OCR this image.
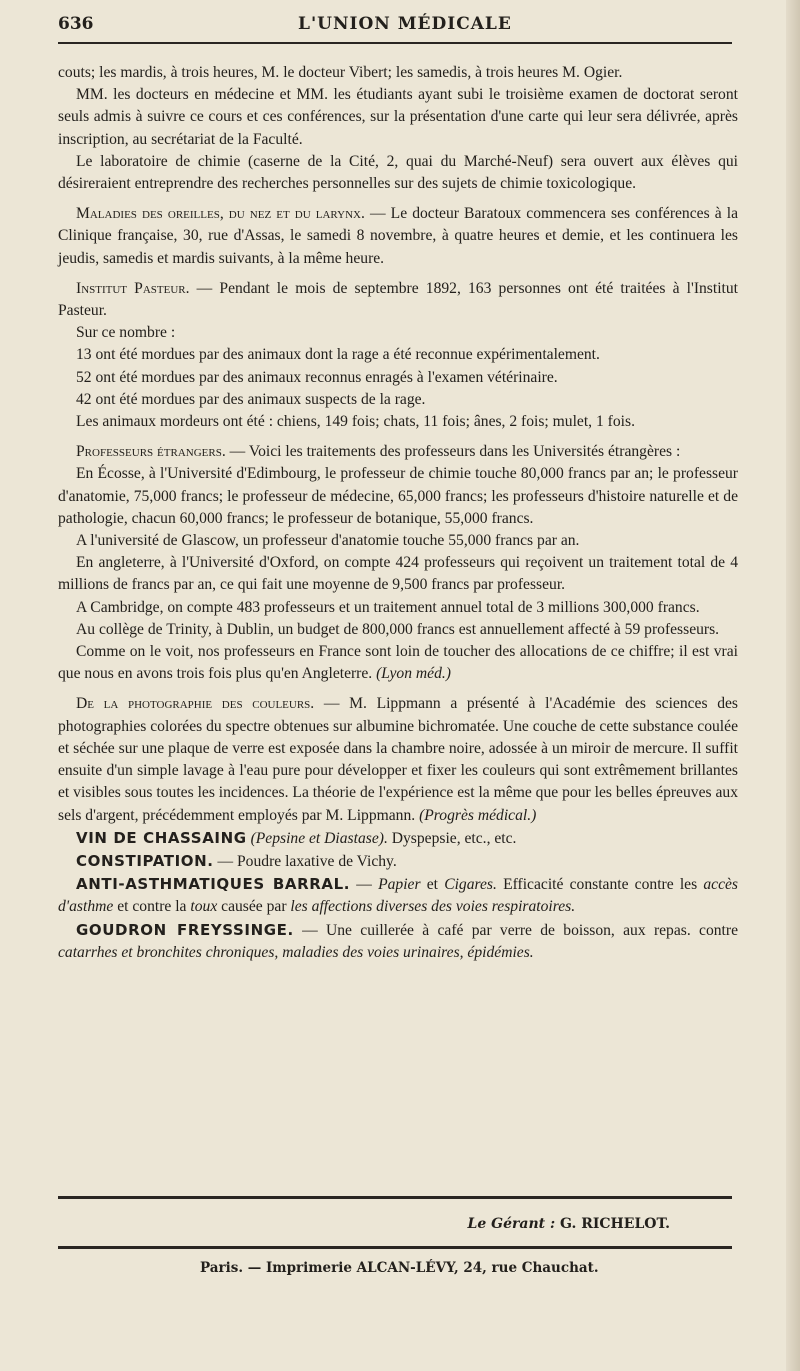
636	L'UNION MÉDICALE

couts; les mardis, à trois heures, M. le docteur Vibert; les samedis, à trois heures M. Ogier.

MM. les docteurs en médecine et MM. les étudiants ayant subi le troisième examen de doctorat seront seuls admis à suivre ce cours et ces conférences, sur la présentation d'une carte qui leur sera délivrée, après inscription, au secrétariat de la Faculté.

Le laboratoire de chimie (caserne de la Cité, 2, quai du Marché-Neuf) sera ouvert aux élèves qui désireraient entreprendre des recherches personnelles sur des sujets de chimie toxicologique.

Maladies des oreilles, du nez et du larynx. — Le docteur Baratoux commencera ses conférences à la Clinique française, 30, rue d'Assas, le samedi 8 novembre, à quatre heures et demie, et les continuera les jeudis, samedis et mardis suivants, à la même heure.

Institut Pasteur. — Pendant le mois de septembre 1892, 163 personnes ont été traitées à l'Institut Pasteur.

Sur ce nombre :

13 ont été mordues par des animaux dont la rage a été reconnue expérimentalement.

52 ont été mordues par des animaux reconnus enragés à l'examen vétérinaire.

42 ont été mordues par des animaux suspects de la rage.

Les animaux mordeurs ont été : chiens, 149 fois; chats, 11 fois; ânes, 2 fois; mulet, 1 fois.

Professeurs étrangers. — Voici les traitements des professeurs dans les Universités étrangères :

En Écosse, à l'Université d'Edimbourg, le professeur de chimie touche 80,000 francs par an; le professeur d'anatomie, 75,000 francs; le professeur de médecine, 65,000 francs; les professeurs d'histoire naturelle et de pathologie, chacun 60,000 francs; le professeur de botanique, 55,000 francs.

A l'université de Glascow, un professeur d'anatomie touche 55,000 francs par an.

En angleterre, à l'Université d'Oxford, on compte 424 professeurs qui reçoivent un traitement total de 4 millions de francs par an, ce qui fait une moyenne de 9,500 francs par professeur.

A Cambridge, on compte 483 professeurs et un traitement annuel total de 3 millions 300,000 francs.

Au collège de Trinity, à Dublin, un budget de 800,000 francs est annuellement affecté à 59 professeurs.

Comme on le voit, nos professeurs en France sont loin de toucher des allocations de ce chiffre; il est vrai que nous en avons trois fois plus qu'en Angleterre. (Lyon méd.)

De la photographie des couleurs. — M. Lippmann a présenté à l'Académie des sciences des photographies colorées du spectre obtenues sur albumine bichromatée. Une couche de cette substance coulée et séchée sur une plaque de verre est exposée dans la chambre noire, adossée à un miroir de mercure. Il suffit ensuite d'un simple lavage à l'eau pure pour développer et fixer les couleurs qui sont extrêmement brillantes et visibles sous toutes les incidences. La théorie de l'expérience est la même que pour les belles épreuves aux sels d'argent, précédemment employés par M. Lippmann. (Progrès médical.)

VIN DE CHASSAING (Pepsine et Diastase). Dyspepsie, etc., etc.

CONSTIPATION. — Poudre laxative de Vichy.

ANTI-ASTHMATIQUES BARRAL. — Papier et Cigares. Efficacité constante contre les accès d'asthme et contre la toux causée par les affections diverses des voies respiratoires.

GOUDRON FREYSSINGE. — Une cuillerée à café par verre de boisson, aux repas. contre catarrhes et bronchites chroniques, maladies des voies urinaires, épidémies.

Le Gérant : G. RICHELOT.
Paris. — Imprimerie ALCAN-LÉVY, 24, rue Chauchat.
